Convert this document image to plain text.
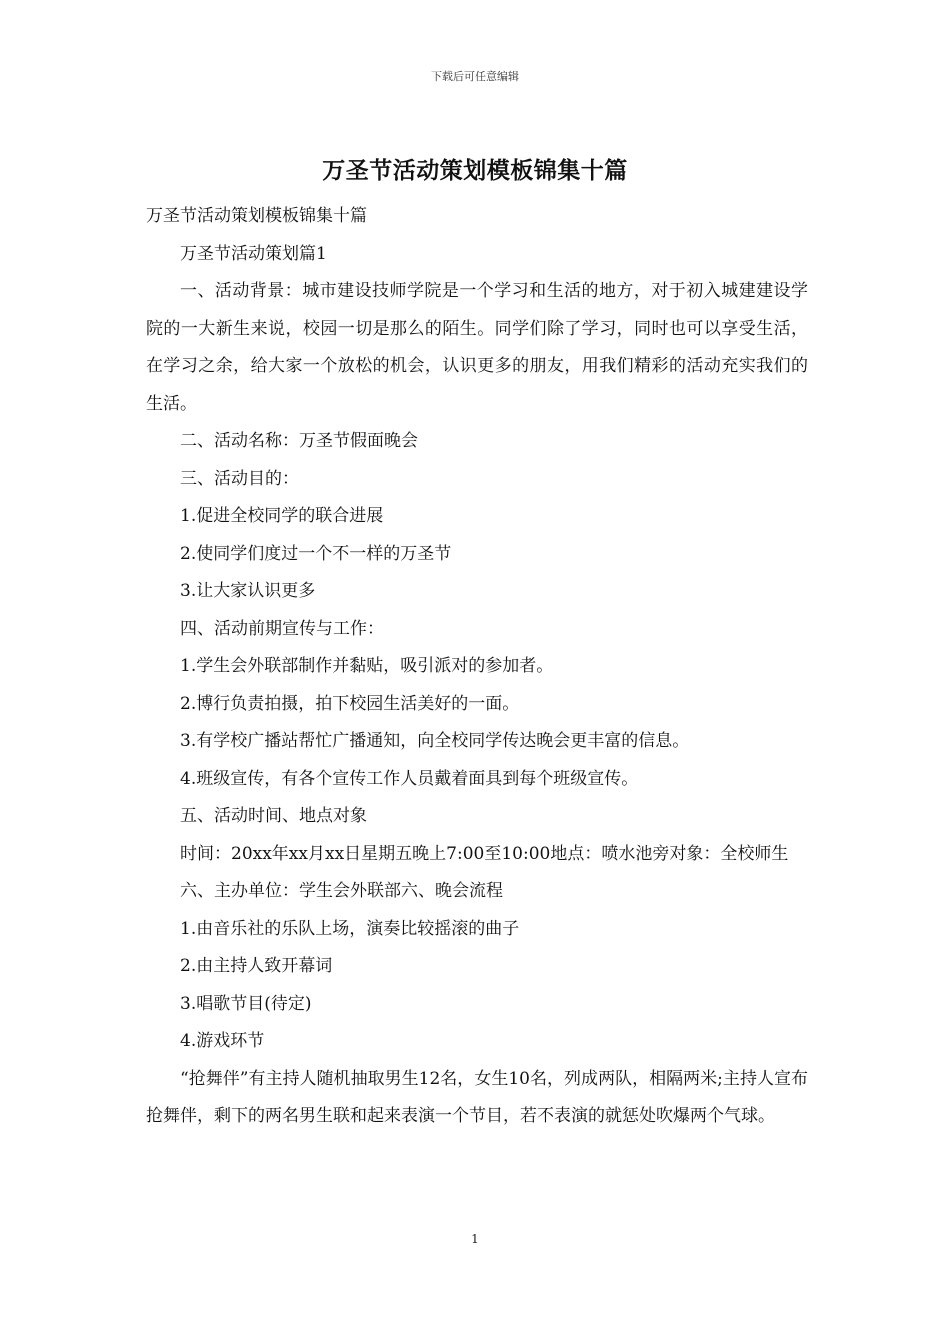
下载后可任意编辑
万圣节活动策划模板锦集十篇

万圣节活动策划模板锦集十篇

万圣节活动策划篇1

一、活动背景：城市建设技师学院是一个学习和生活的地方，对于初入城建建设学院的一大新生来说，校园一切是那么的陌生。同学们除了学习，同时也可以享受生活，在学习之余，给大家一个放松的机会，认识更多的朋友，用我们精彩的活动充实我们的生活。

二、活动名称：万圣节假面晚会

三、活动目的：

1.促进全校同学的联合进展

2.使同学们度过一个不一样的万圣节

3.让大家认识更多

四、活动前期宣传与工作：

1.学生会外联部制作并黏贴，吸引派对的参加者。

2.博行负责拍摄，拍下校园生活美好的一面。

3.有学校广播站帮忙广播通知，向全校同学传达晚会更丰富的信息。

4.班级宣传，有各个宣传工作人员戴着面具到每个班级宣传。

五、活动时间、地点对象

时间：20xx年xx月xx日星期五晚上7:00至10:00地点：喷水池旁对象：全校师生

六、主办单位：学生会外联部六、晚会流程

1.由音乐社的乐队上场，演奏比较摇滚的曲子

2.由主持人致开幕词

3.唱歌节目(待定)

4.游戏环节

“抢舞伴”有主持人随机抽取男生12名，女生10名，列成两队，相隔两米;主持人宣布抢舞伴，剩下的两名男生联和起来表演一个节目，若不表演的就惩处吹爆两个气球。

1
